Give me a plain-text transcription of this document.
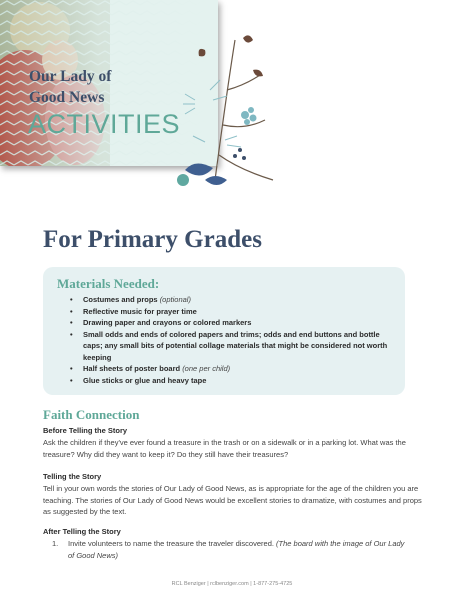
Our Lady of
Good News
ACTIVITIES
For Primary Grades
Materials Needed:
• Costumes and props (optional)
• Reflective music for prayer time
• Drawing paper and crayons or colored markers
• Small odds and ends of colored papers and trims; odds and end buttons and bottle caps; any small bits of potential collage materials that might be considered not worth keeping
• Half sheets of poster board (one per child)
• Glue sticks or glue and heavy tape
Faith Connection
Before Telling the Story
Ask the children if they've ever found a treasure in the trash or on a sidewalk or in a parking lot. What was the treasure? Why did they want to keep it? Do they still have their treasures?
Telling the Story
Tell in your own words the stories of Our Lady of Good News, as is appropriate for the age of the children you are teaching. The stories of Our Lady of Good News would be excellent stories to dramatize, with costumes and props as suggested by the text.
After Telling the Story
1.	Invite volunteers to name the treasure the traveler discovered. (The board with the image of Our Lady of Good News)
RCL Benziger | rclbenziger.com | 1-877-275-4725
